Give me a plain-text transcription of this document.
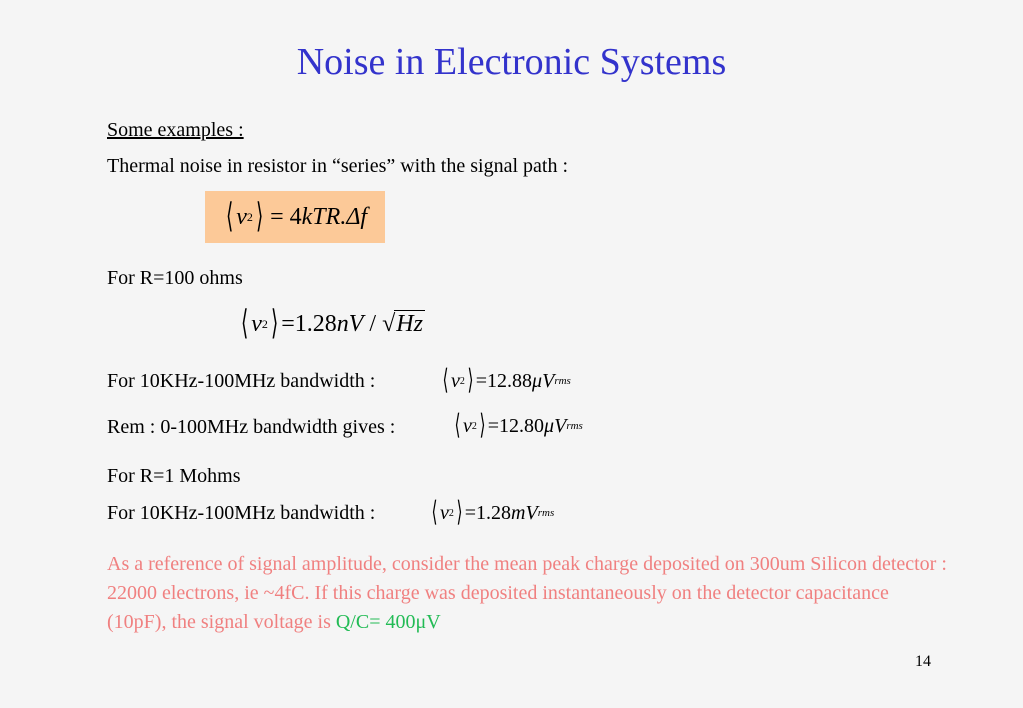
Noise in Electronic Systems
Some examples :
Thermal noise in resistor in “series” with the signal path :
⟨ v 2 ⟩ = 4 kTR.Δf
For R=100 ohms
⟨ v 2 ⟩ =1.28 nV / √ Hz
For 10KHz-100MHz bandwidth : ⟨ v 2 ⟩ =12.88 μV rms
Rem : 0-100MHz bandwidth gives : ⟨ v 2 ⟩ =12.80 μV rms
For R=1 Mohms
For 10KHz-100MHz bandwidth : ⟨ v 2 ⟩ =1.28 mV rms
As a reference of signal amplitude, consider the mean peak charge deposited on 300um Silicon detector : 22000 electrons, ie ~4fC. If this charge was deposited instantaneously on the detector capacitance (10pF), the signal voltage is Q/C= 400μV
14
